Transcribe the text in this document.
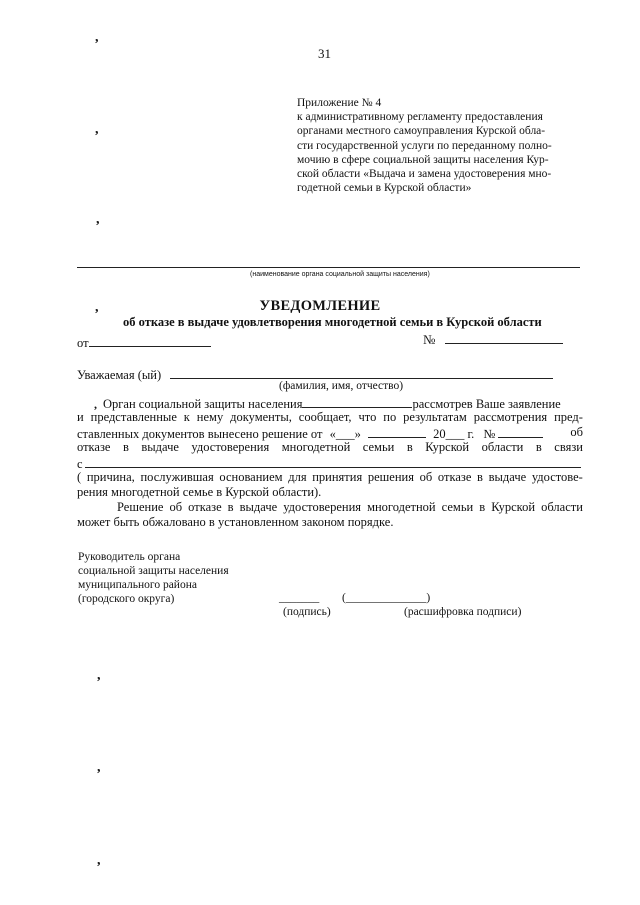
31
,
,
,
,
,
,
,
Приложение № 4
к административному регламенту предоставления
органами местного самоуправления Курской обла-
сти государственной услуги по переданному полно-
мочию в сфере социальной защиты населения Кур-
ской области «Выдача и замена удостоверения мно-
годетной семьи в Курской области»
(наименование органа социальной защиты населения)
УВЕДОМЛЕНИЕ
об отказе в выдаче удовлетворения многодетной семьи в Курской области
от	№
Уважаемая (ый)
(фамилия, имя, отчество)
, Орган социальной защиты населения	рассмотрев Ваше заявление
и представленные к нему документы, сообщает, что по результатам рассмотрения пред-
ставленных документов вынесено решение от «___»	20___ г. №	об
отказе в выдаче удостоверения многодетной семьи в Курской области в связи
с
( причина, послужившая основанием для принятия решения об отказе в выдаче удостове-
рения многодетной семье в Курской области).
Решение об отказе в выдаче удостоверения многодетной семьи в Курской области
может быть обжаловано в установленном законом порядке.
Руководитель органа
социальной защиты населения
муниципального района
(городского округа)	_______ (______________)
(подпись)	(расшифровка подписи)
